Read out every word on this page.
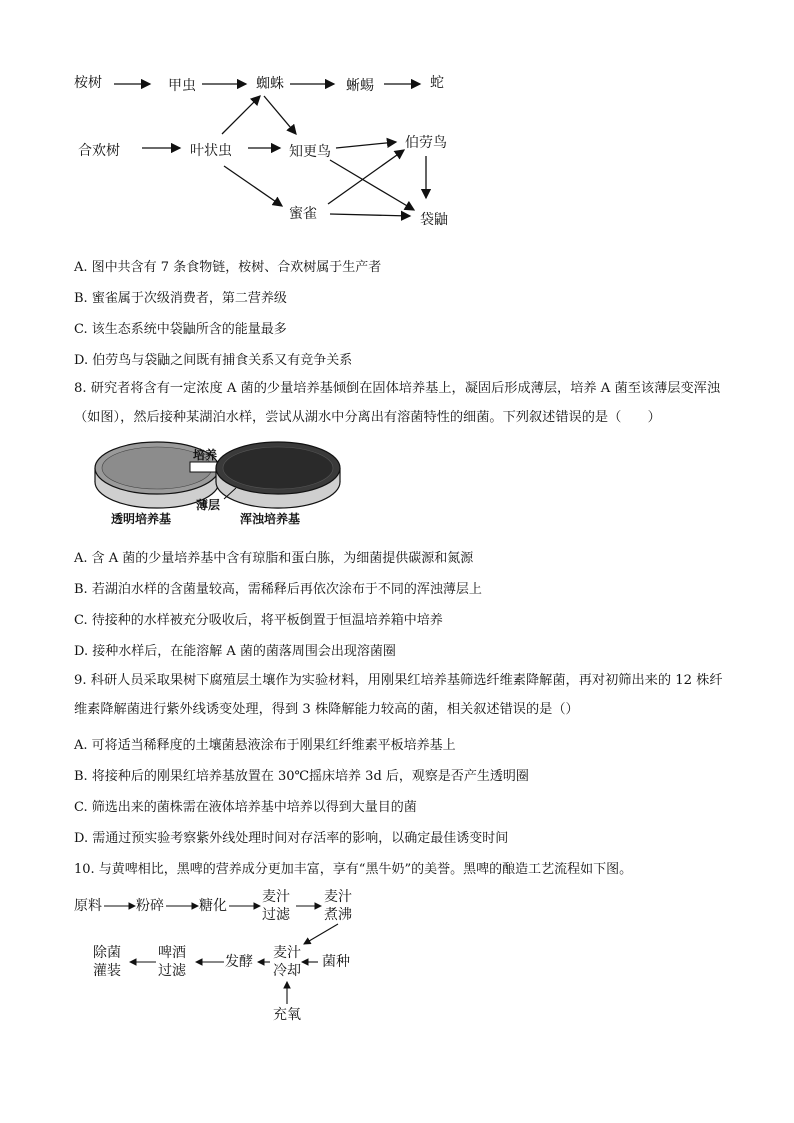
桉树	甲虫	蜘蛛	蜥蜴	蛇
合欢树	叶状虫	知更鸟
伯劳鸟
蜜雀	袋鼬
A. 图中共含有 7 条食物链，桉树、合欢树属于生产者
B. 蜜雀属于次级消费者，第二营养级
C. 该生态系统中袋鼬所含的能量最多
D. 伯劳鸟与袋鼬之间既有捕食关系又有竞争关系
8. 研究者将含有一定浓度 A 菌的少量培养基倾倒在固体培养基上，凝固后形成薄层，培养 A 菌至该薄层变浑浊（如图），然后接种某湖泊水样，尝试从湖水中分离出有溶菌特性的细菌。下列叙述错误的是（　　）
培养
透明培养基
薄层
浑浊培养基
A. 含 A 菌的少量培养基中含有琼脂和蛋白胨，为细菌提供碳源和氮源
B. 若湖泊水样的含菌量较高，需稀释后再依次涂布于不同的浑浊薄层上
C. 待接种的水样被充分吸收后，将平板倒置于恒温培养箱中培养
D. 接种水样后，在能溶解 A 菌的菌落周围会出现溶菌圈
9. 科研人员采取果树下腐殖层土壤作为实验材料，用刚果红培养基筛选纤维素降解菌，再对初筛出来的 12 株纤维素降解菌进行紫外线诱变处理，得到 3 株降解能力较高的菌，相关叙述错误的是（）
A. 可将适当稀释度的土壤菌悬液涂布于刚果红纤维素平板培养基上
B. 将接种后的刚果红培养基放置在 30℃摇床培养 3d 后，观察是否产生透明圈
C. 筛选出来的菌株需在液体培养基中培养以得到大量目的菌
D. 需通过预实验考察紫外线处理时间对存活率的影响，以确定最佳诱变时间
10. 与黄啤相比，黑啤的营养成分更加丰富，享有“黑牛奶”的美誉。黑啤的酿造工艺流程如下图。
原料 粉碎	糖化
麦汁
过滤
麦汁
煮沸
麦汁
冷却
菌种
发酵
啤酒
过滤
除菌
灌装
充氧
